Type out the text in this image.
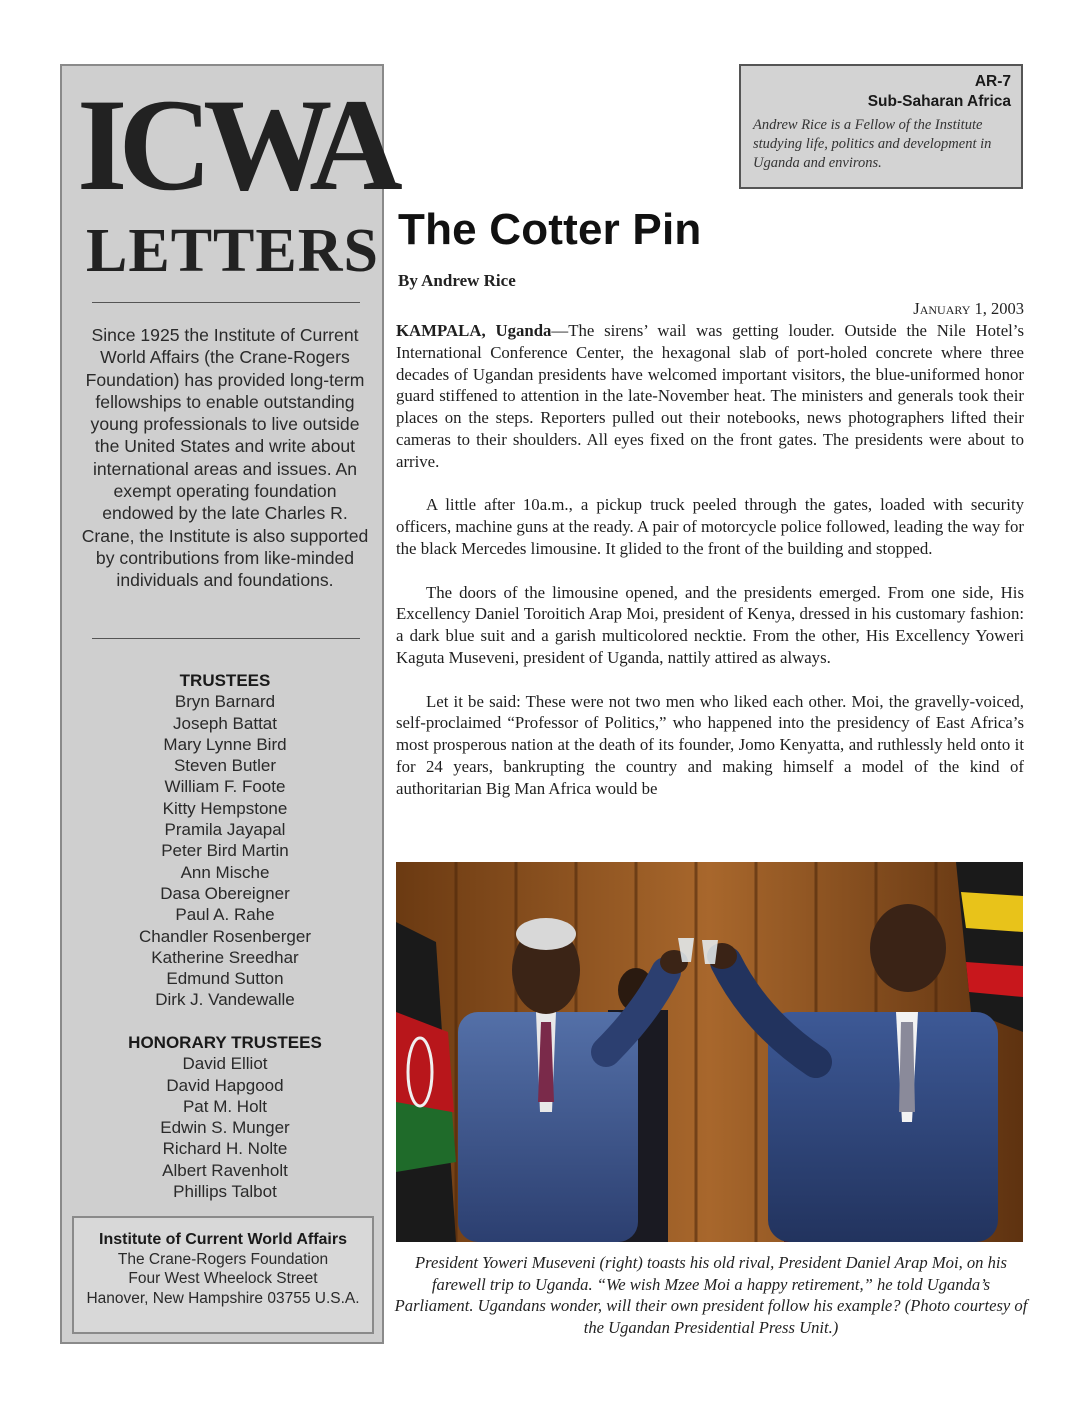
ICWA
LETTERS

Since 1925 the Institute of Current World Affairs (the Crane-Rogers Foundation) has provided long-term fellowships to enable outstanding young professionals to live outside the United States and write about international areas and issues. An exempt operating foundation endowed by the late Charles R. Crane, the Institute is also supported by contributions from like-minded individuals and foundations.

TRUSTEES
Bryn Barnard
Joseph Battat
Mary Lynne Bird
Steven Butler
William F. Foote
Kitty Hempstone
Pramila Jayapal
Peter Bird Martin
Ann Mische
Dasa Obereigner
Paul A. Rahe
Chandler Rosenberger
Katherine Sreedhar
Edmund Sutton
Dirk J. Vandewalle
HONORARY TRUSTEES
David Elliot
David Hapgood
Pat M. Holt
Edwin S. Munger
Richard H. Nolte
Albert Ravenholt
Phillips Talbot
Institute of Current World Affairs
The Crane-Rogers Foundation
Four West Wheelock Street
Hanover, New Hampshire 03755 U.S.A.
AR-7
Sub-Saharan Africa
Andrew Rice is a Fellow of the Institute studying life, politics and development in Uganda and environs.
The Cotter Pin
By Andrew Rice
January 1, 2003

KAMPALA, Uganda—The sirens’ wail was getting louder. Outside the Nile Hotel’s International Conference Center, the hexagonal slab of port-holed concrete where three decades of Ugandan presidents have welcomed important visitors, the blue-uniformed honor guard stiffened to attention in the late-November heat. The ministers and generals took their places on the steps. Reporters pulled out their notebooks, news photographers lifted their cameras to their shoulders. All eyes fixed on the front gates. The presidents were about to arrive.

A little after 10a.m., a pickup truck peeled through the gates, loaded with security officers, machine guns at the ready. A pair of motorcycle police followed, leading the way for the black Mercedes limousine. It glided to the front of the building and stopped.

The doors of the limousine opened, and the presidents emerged. From one side, His Excellency Daniel Toroitich Arap Moi, president of Kenya, dressed in his customary fashion: a dark blue suit and a garish multicolored necktie. From the other, His Excellency Yoweri Kaguta Museveni, president of Uganda, nattily attired as always.

Let it be said: These were not two men who liked each other. Moi, the gravelly-voiced, self-proclaimed “Professor of Politics,” who happened into the presidency of East Africa’s most prosperous nation at the death of its founder, Jomo Kenyatta, and ruthlessly held onto it for 24 years, bankrupting the country and making himself a model of the kind of authoritarian Big Man Africa would be

President Yoweri Museveni (right) toasts his old rival, President Daniel Arap Moi, on his farewell trip to Uganda. “We wish Mzee Moi a happy retirement,” he told Uganda’s Parliament. Ugandans wonder, will their own president follow his example? (Photo courtesy of the Ugandan Presidential Press Unit.)
